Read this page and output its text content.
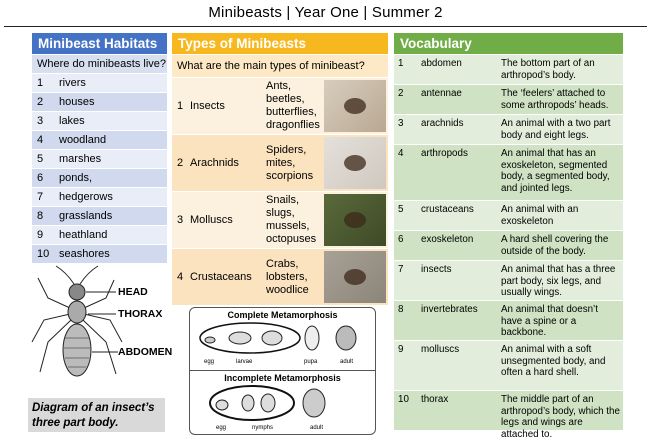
Minibeasts | Year One | Summer 2
Minibeast Habitats
Where do minibeasts live?
1	rivers
2	houses
3	lakes
4	woodland
5	marshes
6	ponds,
7	hedgerows
8	grasslands
9	heathland
10 seashores
HEAD
THORAX
ABDOMEN
Diagram of an insect’s three part body.
Types of Minibeasts
What are the main types of minibeast?
1 Insects
Ants,
beetles,
butterflies,
dragonflies
2 Arachnids
Spiders,
mites,
scorpions
3 Molluscs
Snails,
slugs,
mussels,
octopuses
4 Crustaceans
Crabs,
lobsters,
woodlice
Complete Metamorphosis
egg	larvae	pupa	adult
Incomplete Metamorphosis
egg	nymphs	adult
Vocabulary
1	abdomen	The bottom part of an arthropod’s body.
2	antennae	The ‘feelers’ attached to some arthropods’ heads.
3	arachnids	An animal with a two part body and eight legs.
4	arthropods	An animal that has an exoskeleton, segmented body, a segmented body, and jointed legs.
5	crustaceans	An animal with an exoskeleton
6	exoskeleton	A hard shell covering the outside of the body.
7	insects	An animal that has a three part body, six legs, and usually wings.
8	invertebrates	An animal that doesn’t have a spine or a backbone.
9	molluscs	An animal with a soft unsegmented body, and often a hard shell.
10	thorax	The middle part of an arthropod’s body, which the legs and wings are attached to.
